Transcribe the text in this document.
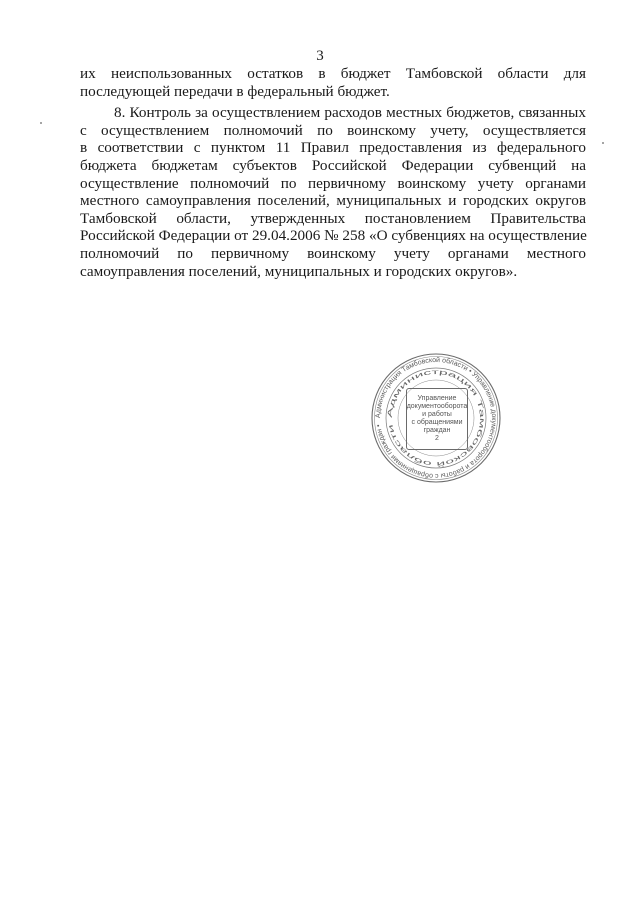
3
их неиспользованных остатков в бюджет Тамбовской области для
последующей передачи в федеральный бюджет.
8. Контроль за осуществлением расходов местных бюджетов, связанных
с осуществлением полномочий по воинскому учету, осуществляется
в соответствии с пунктом 11 Правил предоставления из федерального
бюджета бюджетам субъектов Российской Федерации субвенций на
осуществление полномочий по первичному воинскому учету органами
местного самоуправления поселений, муниципальных и городских округов
Тамбовской области, утвержденных постановлением Правительства
Российской Федерации от 29.04.2006 № 258 «О субвенциях на осуществление
полномочий по первичному воинскому учету органами местного
самоуправления поселений, муниципальных и городских округов».
Администрация Тамбовской области • Управление документооборота и работы с обращениями граждан •
Администрация Тамбовской области
Управление
документооборота
и работы
с обращениями
граждан
2
